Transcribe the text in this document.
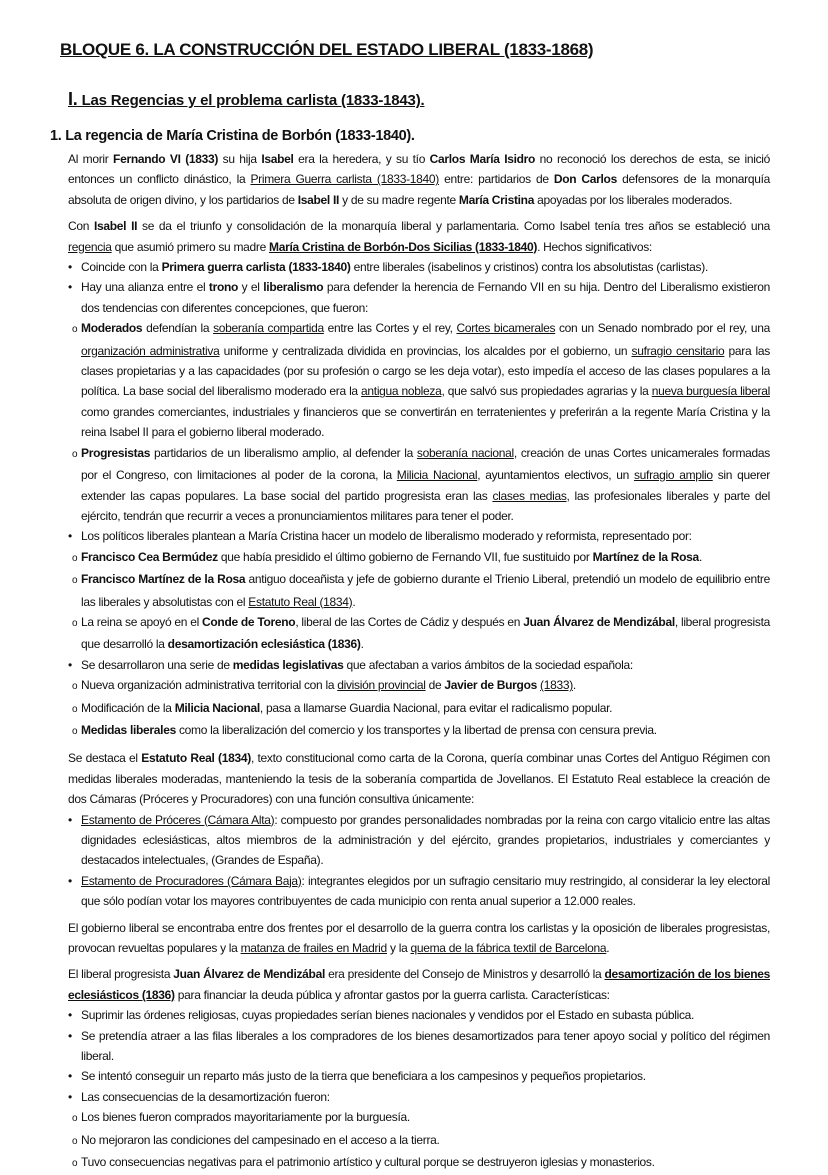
BLOQUE 6. LA CONSTRUCCIÓN DEL ESTADO LIBERAL (1833-1868)
I. Las Regencias y el problema carlista (1833-1843).
1. La regencia de María Cristina de Borbón (1833-1840).

Al morir Fernando VI (1833) su hija Isabel era la heredera, y su tío Carlos María Isidro no reconoció los derechos de esta, se inició entonces un conflicto dinástico, la Primera Guerra carlista (1833-1840) entre: partidarios de Don Carlos defensores de la monarquía absoluta de origen divino, y los partidarios de Isabel II y de su madre regente María Cristina apoyadas por los liberales moderados.

Con Isabel II se da el triunfo y consolidación de la monarquía liberal y parlamentaria. Como Isabel tenía tres años se estableció una regencia que asumió primero su madre María Cristina de Borbón-Dos Sicilias (1833-1840). Hechos significativos:

• Coincide con la Primera guerra carlista (1833-1840) entre liberales (isabelinos y cristinos) contra los absolutistas (carlistas).

• Hay una alianza entre el trono y el liberalismo para defender la herencia de Fernando VII en su hija. Dentro del Liberalismo existieron dos tendencias con diferentes concepciones, que fueron:

o Moderados defendían la soberanía compartida entre las Cortes y el rey, Cortes bicamerales con un Senado nombrado por el rey, una organización administrativa uniforme y centralizada dividida en provincias, los alcaldes por el gobierno, un sufragio censitario para las clases propietarias y a las capacidades (por su profesión o cargo se les deja votar), esto impedía el acceso de las clases populares a la política. La base social del liberalismo moderado era la antigua nobleza, que salvó sus propiedades agrarias y la nueva burguesía liberal como grandes comerciantes, industriales y financieros que se convertirán en terratenientes y preferirán a la regente María Cristina y la reina Isabel II para el gobierno liberal moderado.

o Progresistas partidarios de un liberalismo amplio, al defender la soberanía nacional, creación de unas Cortes unicamerales formadas por el Congreso, con limitaciones al poder de la corona, la Milicia Nacional, ayuntamientos electivos, un sufragio amplio sin querer extender las capas populares. La base social del partido progresista eran las clases medias, las profesionales liberales y parte del ejército, tendrán que recurrir a veces a pronunciamientos militares para tener el poder.

• Los políticos liberales plantean a María Cristina hacer un modelo de liberalismo moderado y reformista, representado por:

o Francisco Cea Bermúdez que había presidido el último gobierno de Fernando VII, fue sustituido por Martínez de la Rosa.

o Francisco Martínez de la Rosa antiguo doceañista y jefe de gobierno durante el Trienio Liberal, pretendió un modelo de equilibrio entre las liberales y absolutistas con el Estatuto Real (1834).

o La reina se apoyó en el Conde de Toreno, liberal de las Cortes de Cádiz y después en Juan Álvarez de Mendizábal, liberal progresista que desarrolló la desamortización eclesiástica (1836).

• Se desarrollaron una serie de medidas legislativas que afectaban a varios ámbitos de la sociedad española:

o Nueva organización administrativa territorial con la división provincial de Javier de Burgos (1833).

o Modificación de la Milicia Nacional, pasa a llamarse Guardia Nacional, para evitar el radicalismo popular.

o Medidas liberales como la liberalización del comercio y los transportes y la libertad de prensa con censura previa.

Se destaca el Estatuto Real (1834), texto constitucional como carta de la Corona, quería combinar unas Cortes del Antiguo Régimen con medidas liberales moderadas, manteniendo la tesis de la soberanía compartida de Jovellanos. El Estatuto Real establece la creación de dos Cámaras (Próceres y Procuradores) con una función consultiva únicamente:

• Estamento de Próceres (Cámara Alta): compuesto por grandes personalidades nombradas por la reina con cargo vitalicio entre las altas dignidades eclesiásticas, altos miembros de la administración y del ejército, grandes propietarios, industriales y comerciantes y destacados intelectuales, (Grandes de España).

• Estamento de Procuradores (Cámara Baja): integrantes elegidos por un sufragio censitario muy restringido, al considerar la ley electoral que sólo podían votar los mayores contribuyentes de cada municipio con renta anual superior a 12.000 reales.

El gobierno liberal se encontraba entre dos frentes por el desarrollo de la guerra contra los carlistas y la oposición de liberales progresistas, provocan revueltas populares y la matanza de frailes en Madrid y la quema de la fábrica textil de Barcelona.

El liberal progresista Juan Álvarez de Mendizábal era presidente del Consejo de Ministros y desarrolló la desamortización de los bienes eclesiásticos (1836) para financiar la deuda pública y afrontar gastos por la guerra carlista. Características:

• Suprimir las órdenes religiosas, cuyas propiedades serían bienes nacionales y vendidos por el Estado en subasta pública.

• Se pretendía atraer a las filas liberales a los compradores de los bienes desamortizados para tener apoyo social y político del régimen liberal.

• Se intentó conseguir un reparto más justo de la tierra que beneficiara a los campesinos y pequeños propietarios.

• Las consecuencias de la desamortización fueron:

o Los bienes fueron comprados mayoritariamente por la burguesía.

o No mejoraron las condiciones del campesinado en el acceso a la tierra.

o Tuvo consecuencias negativas para el patrimonio artístico y cultural porque se destruyeron iglesias y monasterios.
